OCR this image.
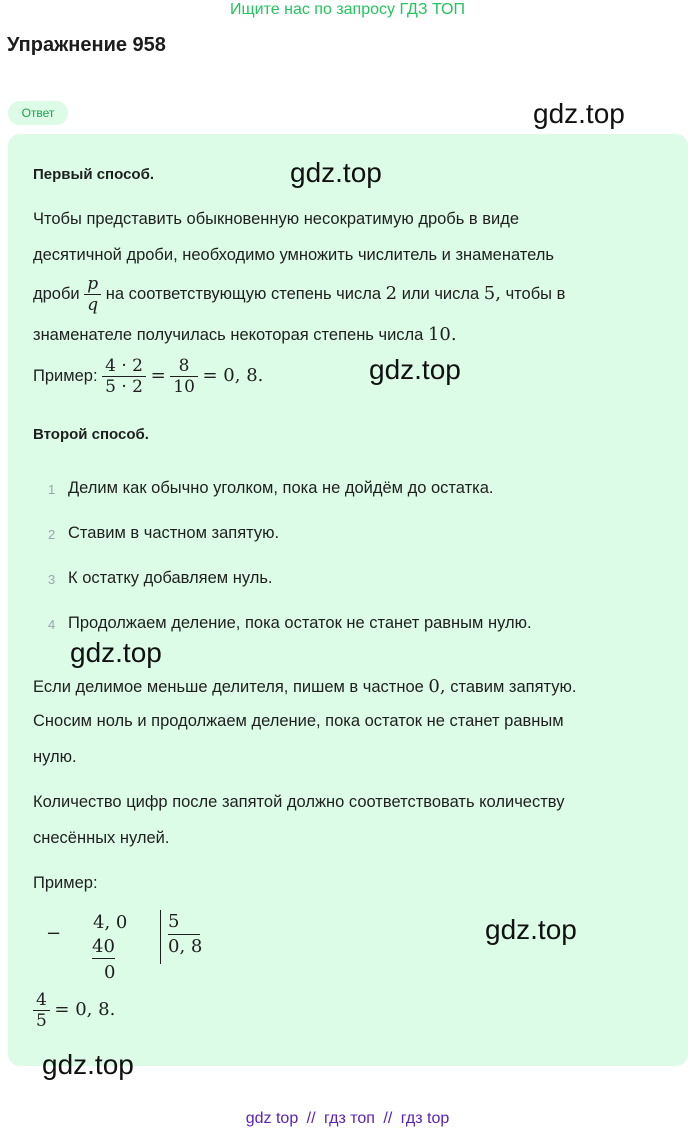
Ищите нас по запросу ГДЗ ТОП
Упражнение 958
Ответ
Первый способ.
Чтобы представить обыкновенную несократимую дробь в виде
десятичной дроби, необходимо умножить числитель и знаменатель
дроби $\frac{p}{q}$ на соответствующую степень числа 2 или числа 5, чтобы в
знаменателе получилась некоторая степень числа 10.
Пример: $\frac{4 \cdot 2}{5 \cdot 2} = \frac{8}{10} = 0$, 8.
Второй способ.
1 Делим как обычно уголком, пока не дойдём до остатка.
2 Ставим в частном запятую.
3 К остатку добавляем нуль.
4 Продолжаем деление, пока остаток не станет равным нулю.
Если делимое меньше делителя, пишем в частное 0, ставим запятую.
Сносим ноль и продолжаем деление, пока остаток не станет равным
нулю.
Количество цифр после запятой должно соответствовать количеству
снесённых нулей.
Пример:
−
4, 0
40
0
5
0, 8
$\frac{4}{5} = 0$, 8.
gdz.top
gdz.top
gdz.top
gdz.top
gdz.top
gdz.top
gdz top // гдз топ // гдз top
